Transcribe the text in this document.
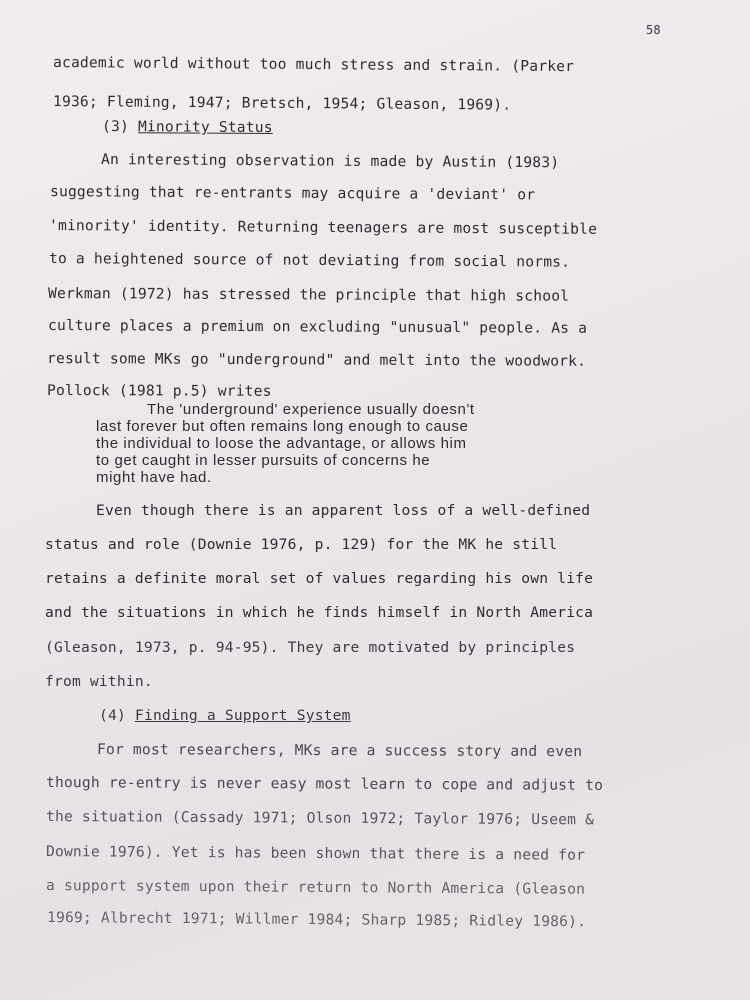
58
academic world without too much stress and strain. (Parker
1936; Fleming, 1947; Bretsch, 1954; Gleason, 1969).
(3) Minority Status
An interesting observation is made by Austin (1983)
suggesting that re-entrants may acquire a 'deviant' or
'minority' identity. Returning teenagers are most susceptible
to a heightened source of not deviating from social norms.
Werkman (1972) has stressed the principle that high school
culture places a premium on excluding "unusual" people. As a
result some MKs go "underground" and melt into the woodwork.
Pollock (1981 p.5) writes
The 'underground' experience usually doesn't
last forever but often remains long enough to cause
the individual to loose the advantage, or allows him
to get caught in lesser pursuits of concerns he
might have had.
Even though there is an apparent loss of a well-defined
status and role (Downie 1976, p. 129) for the MK he still
retains a definite moral set of values regarding his own life
and the situations in which he finds himself in North America
(Gleason, 1973, p. 94-95). They are motivated by principles
from within.
(4) Finding a Support System
For most researchers, MKs are a success story and even
though re-entry is never easy most learn to cope and adjust to
the situation (Cassady 1971; Olson 1972; Taylor 1976; Useem &
Downie 1976). Yet is has been shown that there is a need for
a support system upon their return to North America (Gleason
1969; Albrecht 1971; Willmer 1984; Sharp 1985; Ridley 1986).
